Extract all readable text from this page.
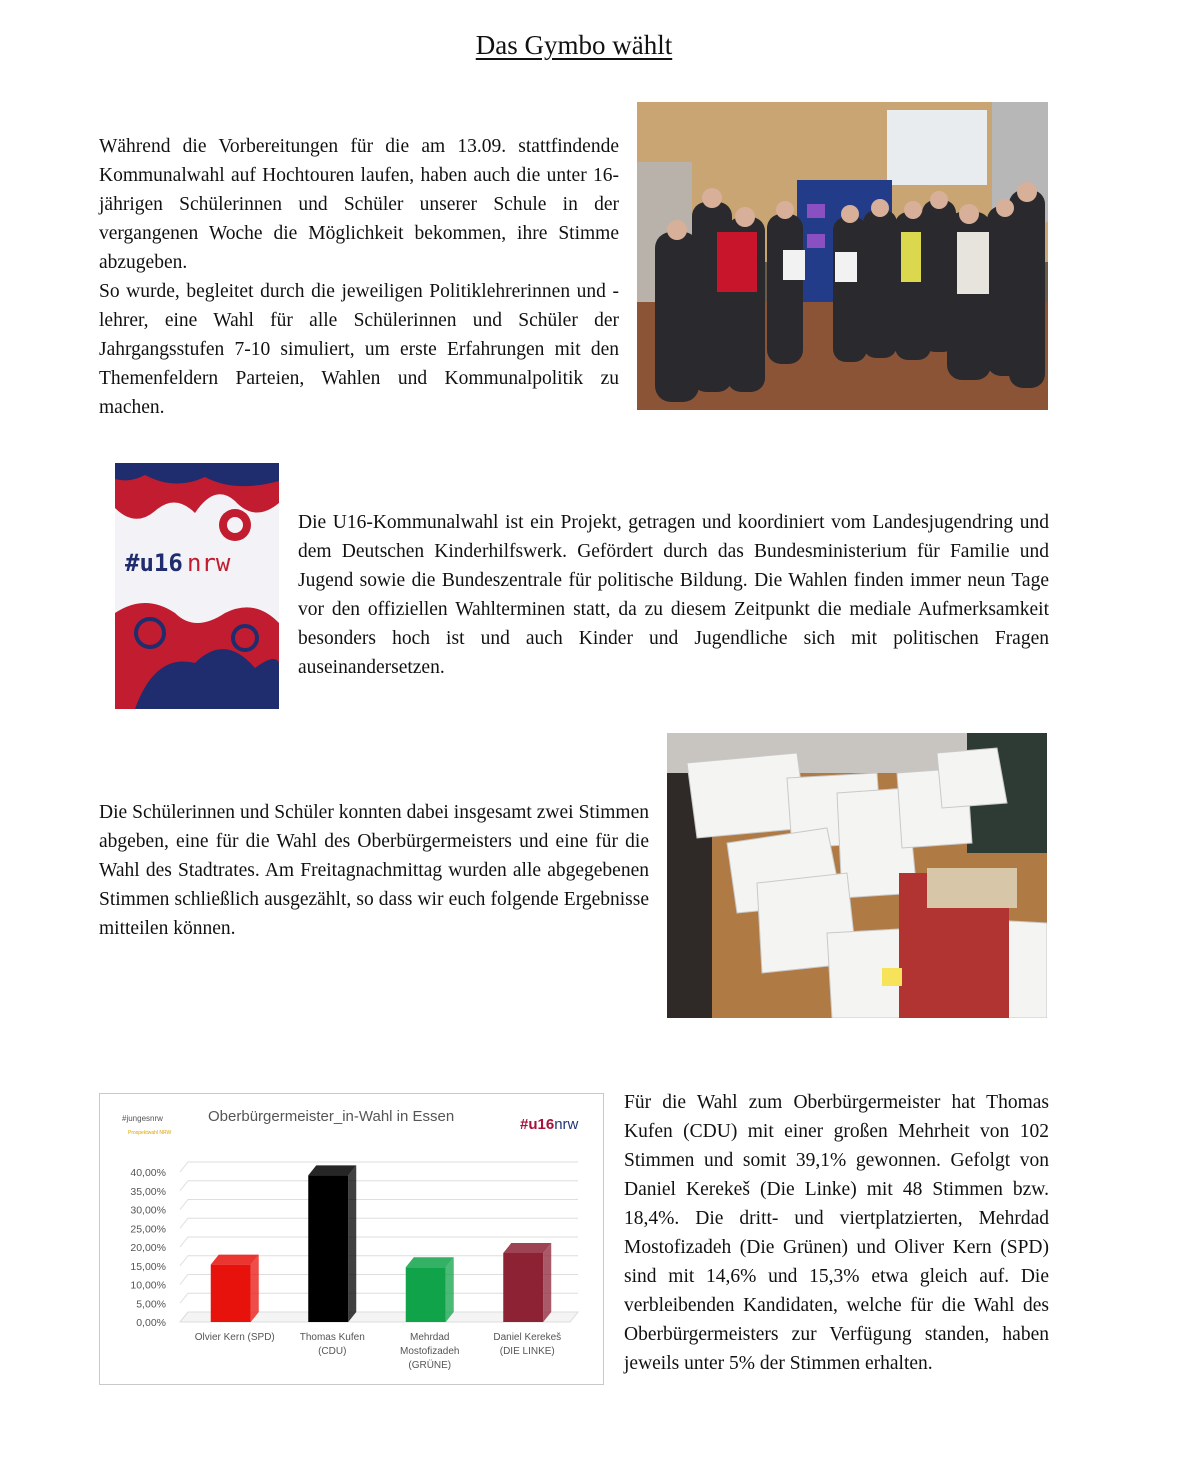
Das Gymbo wählt

Während die Vorbereitungen für die am 13.09. stattfindende Kommunalwahl auf Hochtouren laufen, haben auch die unter 16-jährigen Schülerinnen und Schüler unserer Schule in der vergangenen Woche die Möglichkeit bekommen, ihre Stimme abzugeben.

So wurde, begleitet durch die jeweiligen Politiklehrerinnen und -lehrer, eine Wahl für alle Schülerinnen und Schüler der Jahrgangsstufen 7-10 simuliert, um erste Erfahrungen mit den Themenfeldern Parteien, Wahlen und Kommunalpolitik zu machen.

#u16 nrw
Die U16-Kommunalwahl ist ein Projekt, getragen und koordiniert vom Landesjugendring und dem Deutschen Kinderhilfswerk. Gefördert durch das Bundesministerium für Familie und Jugend sowie die Bundeszentrale für politische Bildung. Die Wahlen finden immer neun Tage vor den offiziellen Wahlterminen statt, da zu diesem Zeitpunkt die mediale Aufmerksamkeit besonders hoch ist und auch Kinder und Jugendliche sich mit politischen Fragen auseinandersetzen.
Die Schülerinnen und Schüler konnten dabei insgesamt zwei Stimmen abgeben, eine für die Wahl des Oberbürgermeisters und eine für die Wahl des Stadtrates. Am Freitagnachmittag wurden alle abgegebenen Stimmen schließlich ausgezählt, so dass wir euch folgende Ergebnisse mitteilen können.
#jungesnrw
Prospektwahl NRW
Oberbürgermeister_in-Wahl in Essen	#u16nrw
0,00%
5,00%
10,00%
15,00%
20,00%
25,00%
30,00%
35,00%
40,00%
Olvier Kern (SPD) Thomas Kufen
(CDU)
Mehrdad
Mostofizadeh
(GRÜNE)
Daniel Kerekeš
(DIE LINKE)
Für die Wahl zum Oberbürgermeister hat Thomas Kufen (CDU) mit einer großen Mehrheit von 102 Stimmen und somit 39,1% gewonnen. Gefolgt von Daniel Kerekeš (Die Linke) mit 48 Stimmen bzw. 18,4%. Die dritt- und viertplatzierten, Mehrdad Mostofizadeh (Die Grünen) und Oliver Kern (SPD) sind mit 14,6% und 15,3% etwa gleich auf. Die verbleibenden Kandidaten, welche für die Wahl des Oberbürgermeisters zur Verfügung standen, haben jeweils unter 5% der Stimmen erhalten.
